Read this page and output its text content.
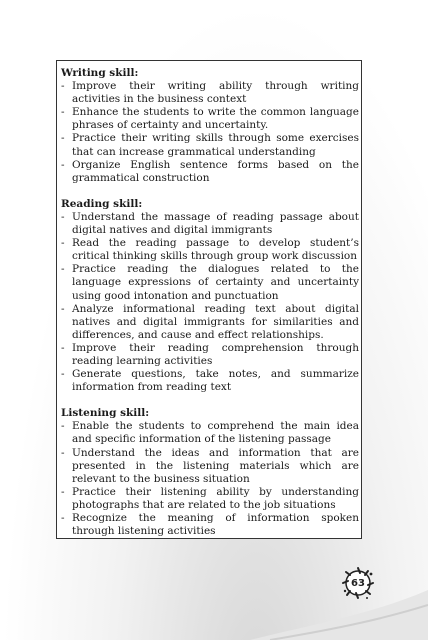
Writing skill:

- Improve their writing ability through writing activities in the business context
- Enhance the students to write the common language phrases of certainty and uncertainty.
- Practice their writing skills through some exercises that can increase grammatical understanding
- Organize English sentence forms based on the grammatical construction

Reading skill:

- Understand the massage of reading passage about digital natives and digital immigrants
- Read the reading passage to develop student’s critical thinking skills through group work discussion
- Practice reading the dialogues related to the language expressions of certainty and uncertainty using good intonation and punctuation
- Analyze informational reading text about digital natives and digital immigrants for similarities and differences, and cause and effect relationships.
- Improve their reading comprehension through reading learning activities
- Generate questions, take notes, and summarize information from reading text

Listening skill:

- Enable the students to comprehend the main idea and specific information of the listening passage
- Understand the ideas and information that are presented in the listening materials which are relevant to the business situation
- Practice their listening ability by understanding photographs that are related to the job situations
- Recognize the meaning of information spoken through listening activities
63
